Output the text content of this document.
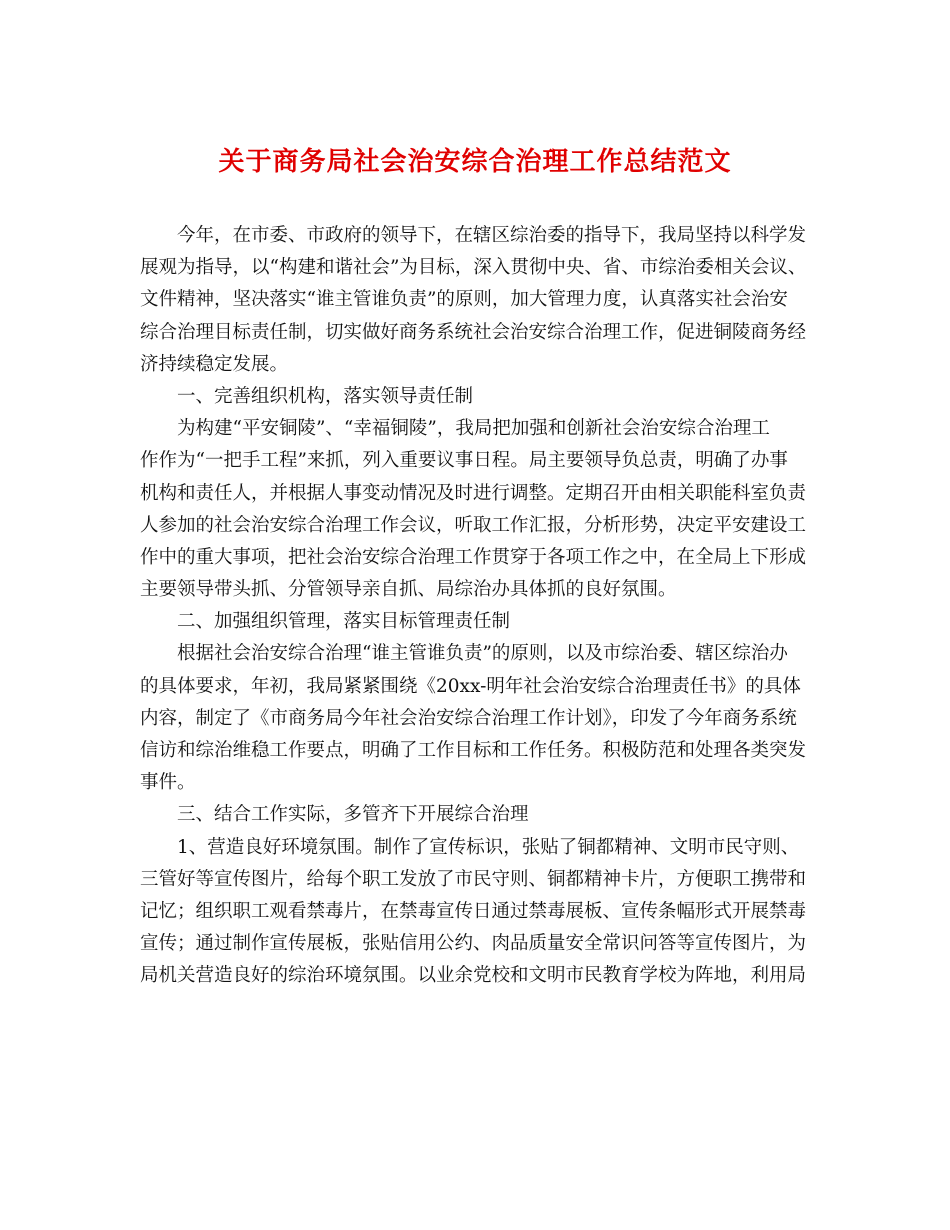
关于商务局社会治安综合治理工作总结范文

今年，在市委、市政府的领导下，在辖区综治委的指导下，我局坚持以科学发

展观为指导，以“构建和谐社会”为目标，深入贯彻中央、省、市综治委相关会议、

文件精神，坚决落实“谁主管谁负责”的原则，加大管理力度，认真落实社会治安

综合治理目标责任制，切实做好商务系统社会治安综合治理工作，促进铜陵商务经

济持续稳定发展。

一、完善组织机构，落实领导责任制

为构建“平安铜陵”、“幸福铜陵”，我局把加强和创新社会治安综合治理工

作作为“一把手工程”来抓，列入重要议事日程。局主要领导负总责，明确了办事

机构和责任人，并根据人事变动情况及时进行调整。定期召开由相关职能科室负责

人参加的社会治安综合治理工作会议，听取工作汇报，分析形势，决定平安建设工

作中的重大事项，把社会治安综合治理工作贯穿于各项工作之中，在全局上下形成

主要领导带头抓、分管领导亲自抓、局综治办具体抓的良好氛围。

二、加强组织管理，落实目标管理责任制

根据社会治安综合治理“谁主管谁负责”的原则，以及市综治委、辖区综治办

的具体要求，年初，我局紧紧围绕《20xx-明年社会治安综合治理责任书》的具体

内容，制定了《市商务局今年社会治安综合治理工作计划》，印发了今年商务系统

信访和综治维稳工作要点，明确了工作目标和工作任务。积极防范和处理各类突发

事件。

三、结合工作实际，多管齐下开展综合治理

1、营造良好环境氛围。制作了宣传标识，张贴了铜都精神、文明市民守则、

三管好等宣传图片，给每个职工发放了市民守则、铜都精神卡片，方便职工携带和

记忆；组织职工观看禁毒片，在禁毒宣传日通过禁毒展板、宣传条幅形式开展禁毒

宣传；通过制作宣传展板，张贴信用公约、肉品质量安全常识问答等宣传图片，为

局机关营造良好的综治环境氛围。以业余党校和文明市民教育学校为阵地，利用局
